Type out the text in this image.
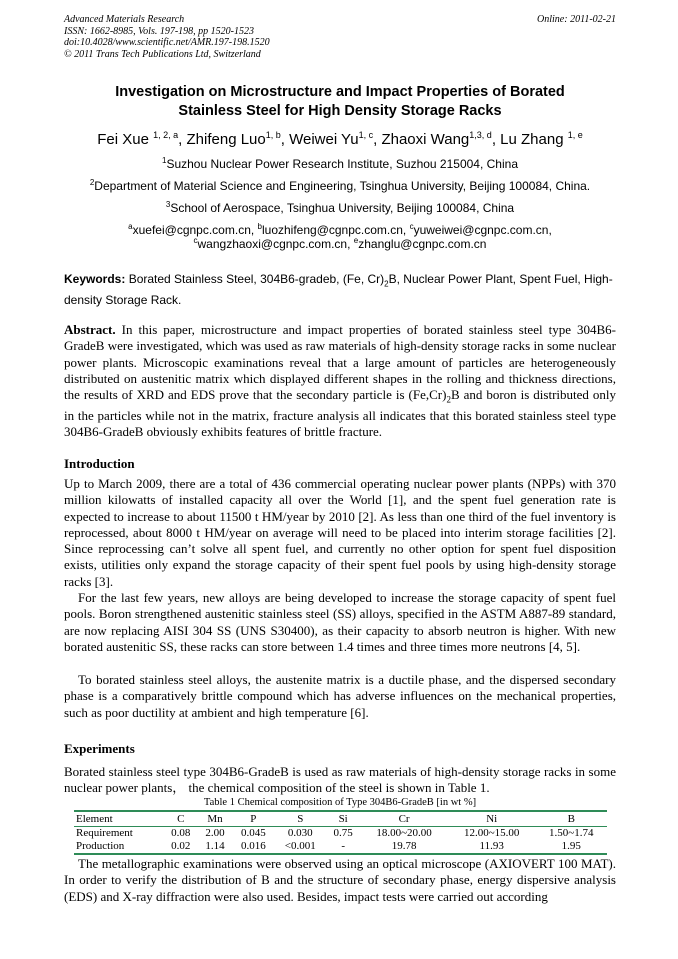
Advanced Materials Research
ISSN: 1662-8985, Vols. 197-198, pp 1520-1523
doi:10.4028/www.scientific.net/AMR.197-198.1520
© 2011 Trans Tech Publications Ltd, Switzerland
Online: 2011-02-21
Investigation on Microstructure and Impact Properties of Borated
Stainless Steel for High Density Storage Racks
Fei Xue $^{1, 2, a}$, Zhifeng Luo$^{1, b}$, Weiwei Yu$^{1, c}$, Zhaoxi Wang$^{1,3, d}$, Lu Zhang $^{1, e}$
$^1$Suzhou Nuclear Power Research Institute, Suzhou 215004, China
$^2$Department of Material Science and Engineering, Tsinghua University, Beijing 100084, China.
$^3$School of Aerospace, Tsinghua University, Beijing 100084, China
$^a$xuefei@cgnpc.com.cn, $^b$luozhifeng@cgnpc.com.cn, $^c$yuweiwei@cgnpc.com.cn,
$^c$wangzhaoxi@cgnpc.com.cn, $^e$zhanglu@cgnpc.com.cn
Keywords: Borated Stainless Steel, 304B6-gradeb, (Fe, $Cr)_2B$, Nuclear Power Plant, Spent Fuel, High-density Storage Rack.
Abstract. In this paper, microstructure and impact properties of borated stainless steel type 304B6-GradeB were investigated, which was used as raw materials of high-density storage racks in some nuclear power plants. Microscopic examinations reveal that a large amount of particles are heterogeneously distributed on austenitic matrix which displayed different shapes in the rolling and thickness directions, the results of XRD and EDS prove that the secondary particle is $(Fe,Cr)_2B$ and boron is distributed only in the particles while not in the matrix, fracture analysis all indicates that this borated stainless steel type 304B6-GradeB obviously exhibits features of brittle fracture.
Introduction
Up to March 2009, there are a total of 436 commercial operating nuclear power plants (NPPs) with 370 million kilowatts of installed capacity all over the World [1], and the spent fuel generation rate is expected to increase to about 11500 t HM/year by 2010 [2]. As less than one third of the fuel inventory is reprocessed, about 8000 t HM/year on average will need to be placed into interim storage facilities [2]. Since reprocessing can’t solve all spent fuel, and currently no other option for spent fuel disposition exists, utilities only expand the storage capacity of their spent fuel pools by using high-density storage racks [3].
For the last few years, new alloys are being developed to increase the storage capacity of spent fuel pools. Boron strengthened austenitic stainless steel (SS) alloys, specified in the ASTM A887-89 standard, are now replacing AISI 304 SS (UNS S30400), as their capacity to absorb neutron is higher. With new borated austenitic SS, these racks can store between 1.4 times and three times more neutrons [4, 5].
To borated stainless steel alloys, the austenite matrix is a ductile phase, and the dispersed secondary phase is a comparatively brittle compound which has adverse influences on the mechanical properties, such as poor ductility at ambient and high temperature [6].
Experiments
Borated stainless steel type 304B6-GradeB is used as raw materials of high-density storage racks in some nuclear power plants， the chemical composition of the steel is shown in Table 1.
Table 1 Chemical composition of Type 304B6-GradeB [in wt %]
Element	C	Mn	P	S	Si	Cr	Ni	B
Requirement	0.08	2.00	0.045	0.030	0.75	18.00~20.00	12.00~15.00	1.50~1.74
Production	0.02	1.14	0.016	<0.001	-	19.78	11.93	1.95
The metallographic examinations were observed using an optical microscope (AXIOVERT 100 MAT). In order to verify the distribution of B and the structure of secondary phase, energy dispersive analysis (EDS) and X-ray diffraction were also used. Besides, impact tests were carried out according
